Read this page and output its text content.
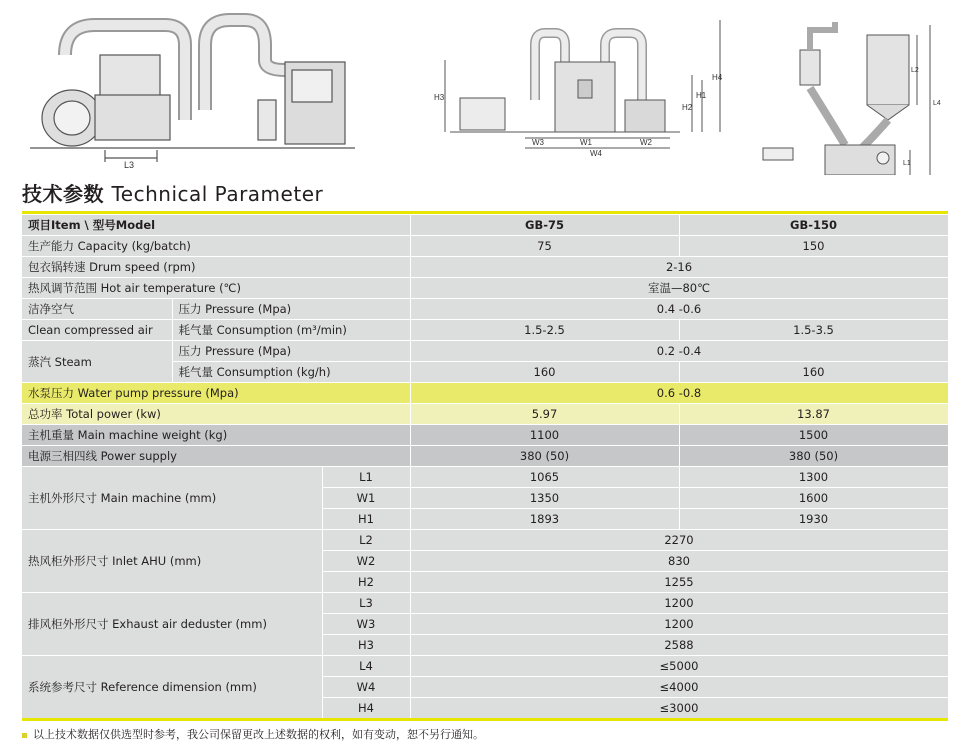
L3
H3
W3	W1	W2
W4
H2
H1
H4
L2
L4
L1
技术参数 Technical Parameter
项目Item \ 型号Model			GB-75	GB-150
生产能力 Capacity (kg/batch)			75	150
包衣锅转速 Drum speed (rpm)			2-16	
热风调节范围 Hot air temperature (℃)			室温—80℃	
洁净空气	压力 Pressure (Mpa)		0.4 -0.6	
Clean compressed air	耗气量 Consumption (m³/min)		1.5-2.5	1.5-3.5
蒸汽 Steam	压力 Pressure (Mpa)		0.2 -0.4	
	耗气量 Consumption (kg/h)		160	160
水泵压力 Water pump pressure (Mpa)			0.6 -0.8	
总功率 Total power (kw)			5.97	13.87
主机重量 Main machine weight (kg)			1100	1500
电源三相四线 Power supply			380 (50)	380 (50)
主机外形尺寸 Main machine (mm)		L1	1065	1300
		W1	1350	1600
		H1	1893	1930
热风柜外形尺寸 Inlet AHU (mm)		L2	2270	
		W2	830	
		H2	1255	
排风柜外形尺寸 Exhaust air deduster (mm)		L3	1200	
		W3	1200	
		H3	2588	
系统参考尺寸 Reference dimension (mm)		L4	≤5000	
		W4	≤4000	
		H4	≤3000	
以上技术数据仅供选型时参考，我公司保留更改上述数据的权利，如有变动，恕不另行通知。
